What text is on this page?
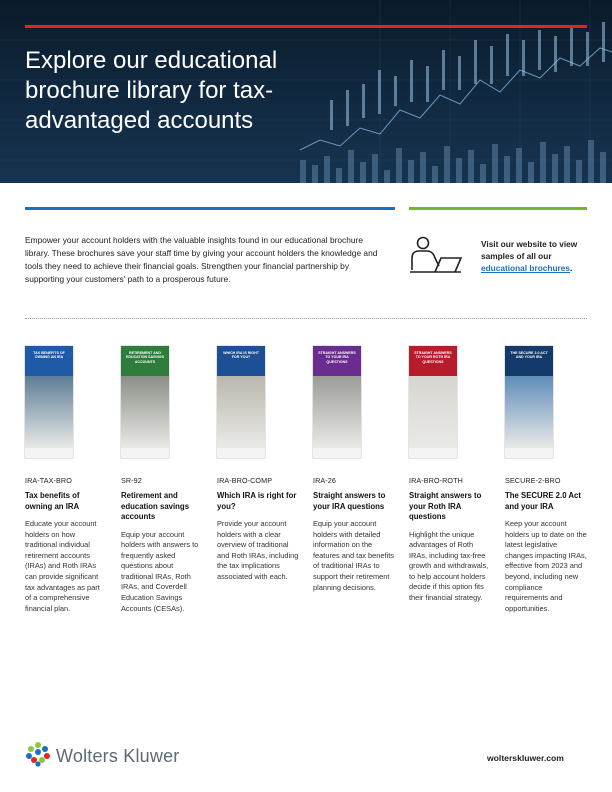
Explore our educational brochure library for tax-advantaged accounts
Empower your account holders with the valuable insights found in our educational brochure library. These brochures save your staff time by giving your account holders the knowledge and tools they need to achieve their financial goals. Strengthen your financial partnership by supporting your customers' path to a prosperous future.
Visit our website to view samples of all our educational brochures.
TAX BENEFITS OF OWNING AN IRA
IRA-TAX-BRO
Tax benefits of owning an IRA
Educate your account holders on how traditional individual retirement accounts (IRAs) and Roth IRAs can provide significant tax advantages as part of a comprehensive financial plan.
RETIREMENT AND EDUCATION SAVINGS ACCOUNTS
SR-92
Retirement and education savings accounts
Equip your account holders with answers to frequently asked questions about traditional IRAs, Roth IRAs, and Coverdell Education Savings Accounts (CESAs).
WHICH IRA IS RIGHT FOR YOU?
IRA-BRO-COMP
Which IRA is right for you?
Provide your account holders with a clear overview of traditional and Roth IRAs, including the tax implications associated with each.
STRAIGHT ANSWERS TO YOUR IRA QUESTIONS
IRA-26
Straight answers to your IRA questions
Equip your account holders with detailed information on the features and tax benefits of traditional IRAs to support their retirement planning decisions.
STRAIGHT ANSWERS TO YOUR ROTH IRA QUESTIONS
IRA-BRO-ROTH
Straight answers to your Roth IRA questions
Highlight the unique advantages of Roth IRAs, including tax-free growth and withdrawals, to help account holders decide if this option fits their financial strategy.
THE SECURE 2.0 ACT AND YOUR IRA
SECURE-2-BRO
The SECURE 2.0 Act and your IRA
Keep your account holders up to date on the latest legislative changes impacting IRAs, effective from 2023 and beyond, including new compliance requirements and opportunities.
Wolters Kluwer	wolterskluwer.com
